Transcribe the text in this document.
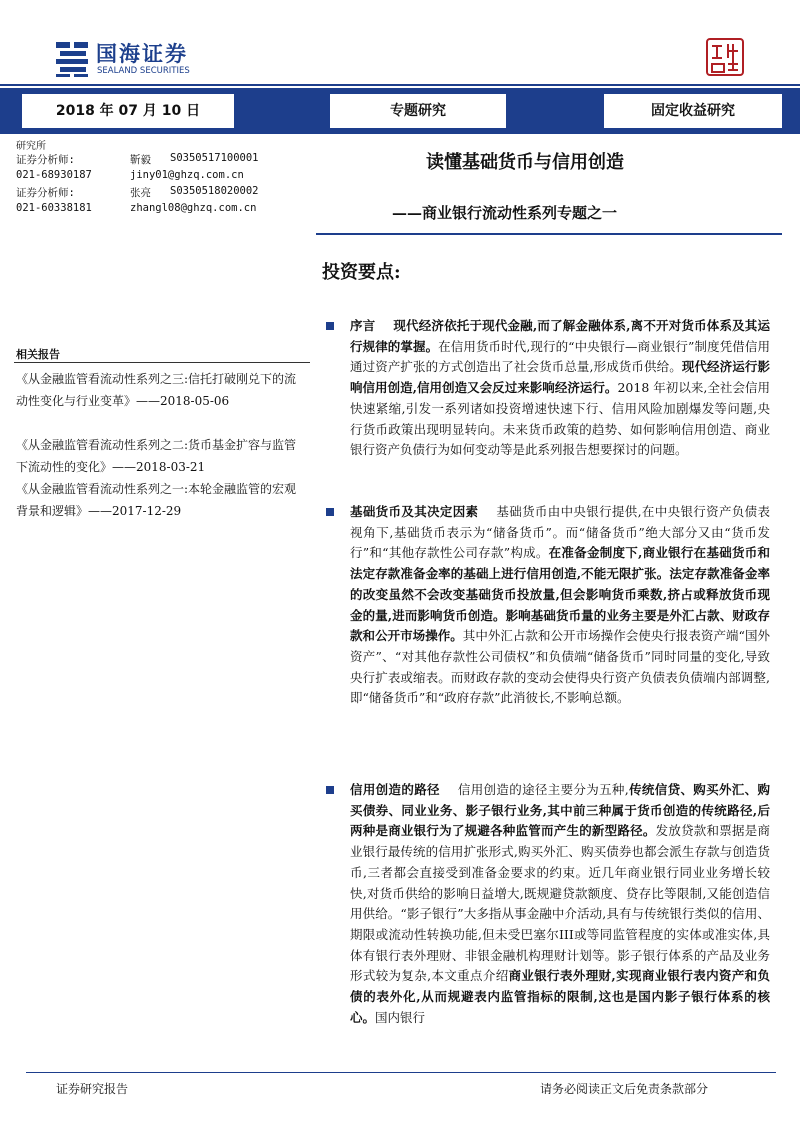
国海证券
SEALAND SECURITIES
2018 年 07 月 10 日	专题研究	固定收益研究
研究所
证券分析师:	靳毅 S0350517100001
021-68930187	jiny01@ghzq.com.cn
证券分析师:	张亮 S0350518020002
021-60338181	zhangl08@ghzq.com.cn
读懂基础货币与信用创造
——商业银行流动性系列专题之一
相关报告
《从金融监管看流动性系列之三:信托打破刚兑下的流动性变化与行业变革》——2018-05-06
《从金融监管看流动性系列之二:货币基金扩容与监管下流动性的变化》——2018-03-21
《从金融监管看流动性系列之一:本轮金融监管的宏观背景和逻辑》——2017-12-29
投资要点:
序言 现代经济依托于现代金融,而了解金融体系,离不开对货币体系及其运行规律的掌握。在信用货币时代,现行的“中央银行—商业银行”制度凭借信用通过资产扩张的方式创造出了社会货币总量,形成货币供给。现代经济运行影响信用创造,信用创造又会反过来影响经济运行。2018 年初以来,全社会信用快速紧缩,引发一系列诸如投资增速快速下行、信用风险加剧爆发等问题,央行货币政策出现明显转向。未来货币政策的趋势、如何影响信用创造、商业银行资产负债行为如何变动等是此系列报告想要探讨的问题。
基础货币及其决定因素 基础货币由中央银行提供,在中央银行资产负债表视角下,基础货币表示为“储备货币”。而“储备货币”绝大部分又由“货币发行”和“其他存款性公司存款”构成。在准备金制度下,商业银行在基础货币和法定存款准备金率的基础上进行信用创造,不能无限扩张。法定存款准备金率的改变虽然不会改变基础货币投放量,但会影响货币乘数,挤占或释放货币现金的量,进而影响货币创造。影响基础货币量的业务主要是外汇占款、财政存款和公开市场操作。其中外汇占款和公开市场操作会使央行报表资产端“国外资产”、“对其他存款性公司债权”和负债端“储备货币”同时同量的变化,导致央行扩表或缩表。而财政存款的变动会使得央行资产负债表负债端内部调整,即“储备货币”和“政府存款”此消彼长,不影响总额。
信用创造的路径 信用创造的途径主要分为五种,传统信贷、购买外汇、购买债券、同业业务、影子银行业务,其中前三种属于货币创造的传统路径,后两种是商业银行为了规避各种监管而产生的新型路径。发放贷款和票据是商业银行最传统的信用扩张形式,购买外汇、购买债券也都会派生存款与创造货币,三者都会直接受到准备金要求的约束。近几年商业银行同业业务增长较快,对货币供给的影响日益增大,既规避贷款额度、贷存比等限制,又能创造信用供给。“影子银行”大多指从事金融中介活动,具有与传统银行类似的信用、期限或流动性转换功能,但未受巴塞尔III或等同监管程度的实体或准实体,具体有银行表外理财、非银金融机构理财计划等。影子银行体系的产品及业务形式较为复杂,本文重点介绍商业银行表外理财,实现商业银行表内资产和负债的表外化,从而规避表内监管指标的限制,这也是国内影子银行体系的核心。国内银行
证券研究报告	请务必阅读正文后免责条款部分
